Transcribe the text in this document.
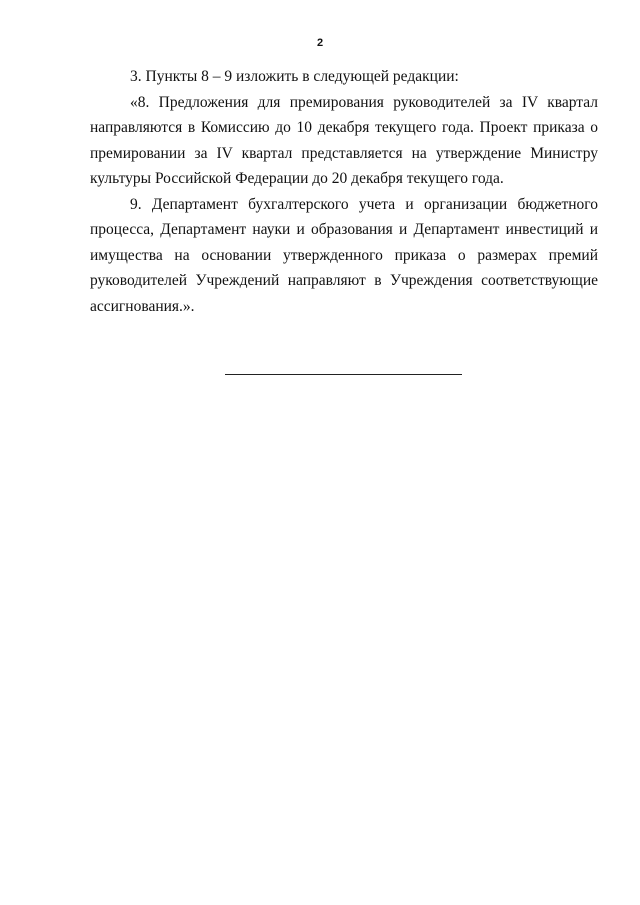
2

3. Пункты 8 – 9 изложить в следующей редакции:

«8. Предложения для премирования руководителей за IV квартал направляются в Комиссию до 10 декабря текущего года. Проект приказа о премировании за IV квартал представляется на утверждение Министру культуры Российской Федерации до 20 декабря текущего года.

9. Департамент бухгалтерского учета и организации бюджетного процесса, Департамент науки и образования и Департамент инвестиций и имущества на основании утвержденного приказа о размерах премий руководителей Учреждений направляют в Учреждения соответствующие ассигнования.».
